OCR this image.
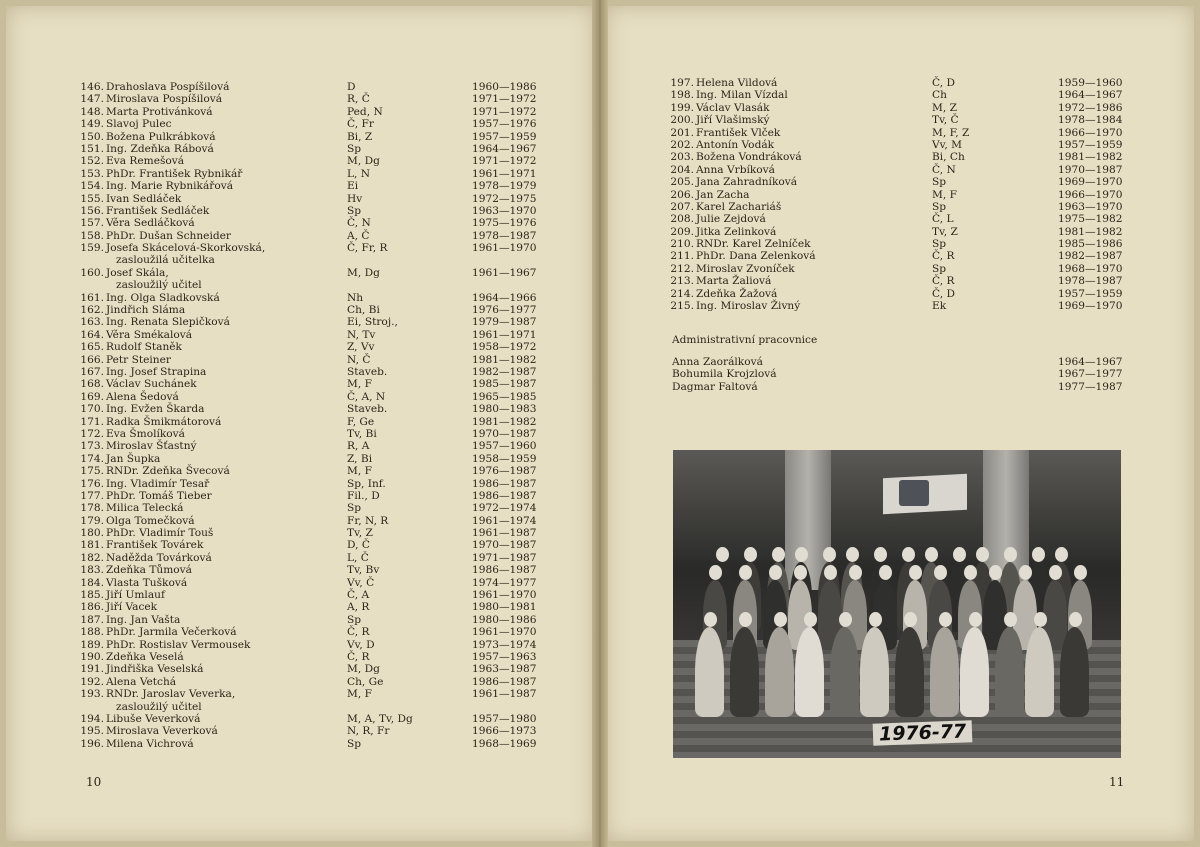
146. Drahoslava Pospíšilová	D	1960—1986
147. Miroslava Pospíšilová	R, Č	1971—1972
148. Marta Protivánková	Ped, N	1971—1972
149. Slavoj Pulec	Č, Fr	1957—1976
150. Božena Pulkrábková	Bi, Z	1957—1959
151. Ing. Zdeňka Rábová	Sp	1964—1967
152. Eva Remešová	M, Dg	1971—1972
153. PhDr. František Rybnikář	L, N	1961—1971
154. Ing. Marie Rybnikářová	Ei	1978—1979
155. Ivan Sedláček	Hv	1972—1975
156. František Sedláček	Sp	1963—1970
157. Věra Sedláčková	Č, N	1975—1976
158. PhDr. Dušan Schneider	A, Č	1978—1987
159. Josefa Skácelová-Skorkovská,
zasloužilá učitelka
Č, Fr, R	1961—1970
160. Josef Skála,
zasloužilý učitel
M, Dg	1961—1967
161. Ing. Olga Sladkovská	Nh	1964—1966
162. Jindřich Sláma	Ch, Bi	1976—1977
163. Ing. Renata Slepičková	Ei, Stroj.,	1979—1987
164. Věra Smékalová	N, Tv	1961—1971
165. Rudolf Staněk	Z, Vv	1958—1972
166. Petr Steiner	N, Č	1981—1982
167. Ing. Josef Strapina	Staveb.	1982—1987
168. Václav Suchánek	M, F	1985—1987
169. Alena Šedová	Č, A, N	1965—1985
170. Ing. Evžen Škarda	Staveb.	1980—1983
171. Radka Šmikmátorová	F, Ge	1981—1982
172. Eva Šmolíková	Tv, Bi	1970—1987
173. Miroslav Šťastný	R, A	1957—1960
174. Jan Šupka	Z, Bi	1958—1959
175. RNDr. Zdeňka Švecová	M, F	1976—1987
176. Ing. Vladimír Tesař	Sp, Inf.	1986—1987
177. PhDr. Tomáš Tieber	Fil., D	1986—1987
178. Milica Telecká	Sp	1972—1974
179. Olga Tomečková	Fr, N, R	1961—1974
180. PhDr. Vladimír Touš	Tv, Z	1961—1987
181. František Továrek	D, Č	1970—1987
182. Naděžda Továrková	L, Č	1971—1987
183. Zdeňka Tůmová	Tv, Bv	1986—1987
184. Vlasta Tušková	Vv, Č	1974—1977
185. Jiří Umlauf	Č, A	1961—1970
186. Jiří Vacek	A, R	1980—1981
187. Ing. Jan Vašta	Sp	1980—1986
188. PhDr. Jarmila Večerková	Č, R	1961—1970
189. PhDr. Rostislav Vermousek	Vv, D	1973—1974
190. Zdeňka Veselá	Č, R	1957—1963
191. Jindřiška Veselská	M, Dg	1963—1987
192. Alena Vetchá	Ch, Ge	1986—1987
193. RNDr. Jaroslav Veverka,
zasloužilý učitel
M, F	1961—1987
194. Libuše Veverková	M, A, Tv, Dg	1957—1980
195. Miroslava Veverková	N, R, Fr	1966—1973
196. Milena Vichrová	Sp	1968—1969
10
197. Helena Vildová	Č, D	1959—1960
198. Ing. Milan Vízdal	Ch	1964—1967
199. Václav Vlasák	M, Z	1972—1986
200. Jiří Vlašimský	Tv, Č	1978—1984
201. František Vlček	M, F, Z	1966—1970
202. Antonín Vodák	Vv, M	1957—1959
203. Božena Vondráková	Bi, Ch	1981—1982
204. Anna Vrbíková	Č, N	1970—1987
205. Jana Zahradníková	Sp	1969—1970
206. Jan Zacha	M, F	1966—1970
207. Karel Zachariáš	Sp	1963—1970
208. Julie Zejdová	Č, L	1975—1982
209. Jitka Zelinková	Tv, Z	1981—1982
210. RNDr. Karel Zelníček	Sp	1985—1986
211. PhDr. Dana Zelenková	Č, R	1982—1987
212. Miroslav Zvoníček	Sp	1968—1970
213. Marta Žaliová	Č, R	1978—1987
214. Zdeňka Žažová	Č, D	1957—1959
215. Ing. Miroslav Živný	Ek	1969—1970
Administrativní pracovnice
Anna Zaorálková	1964—1967
Bohumila Krojzlová	1967—1977
Dagmar Faltová	1977—1987
1976-77
11
